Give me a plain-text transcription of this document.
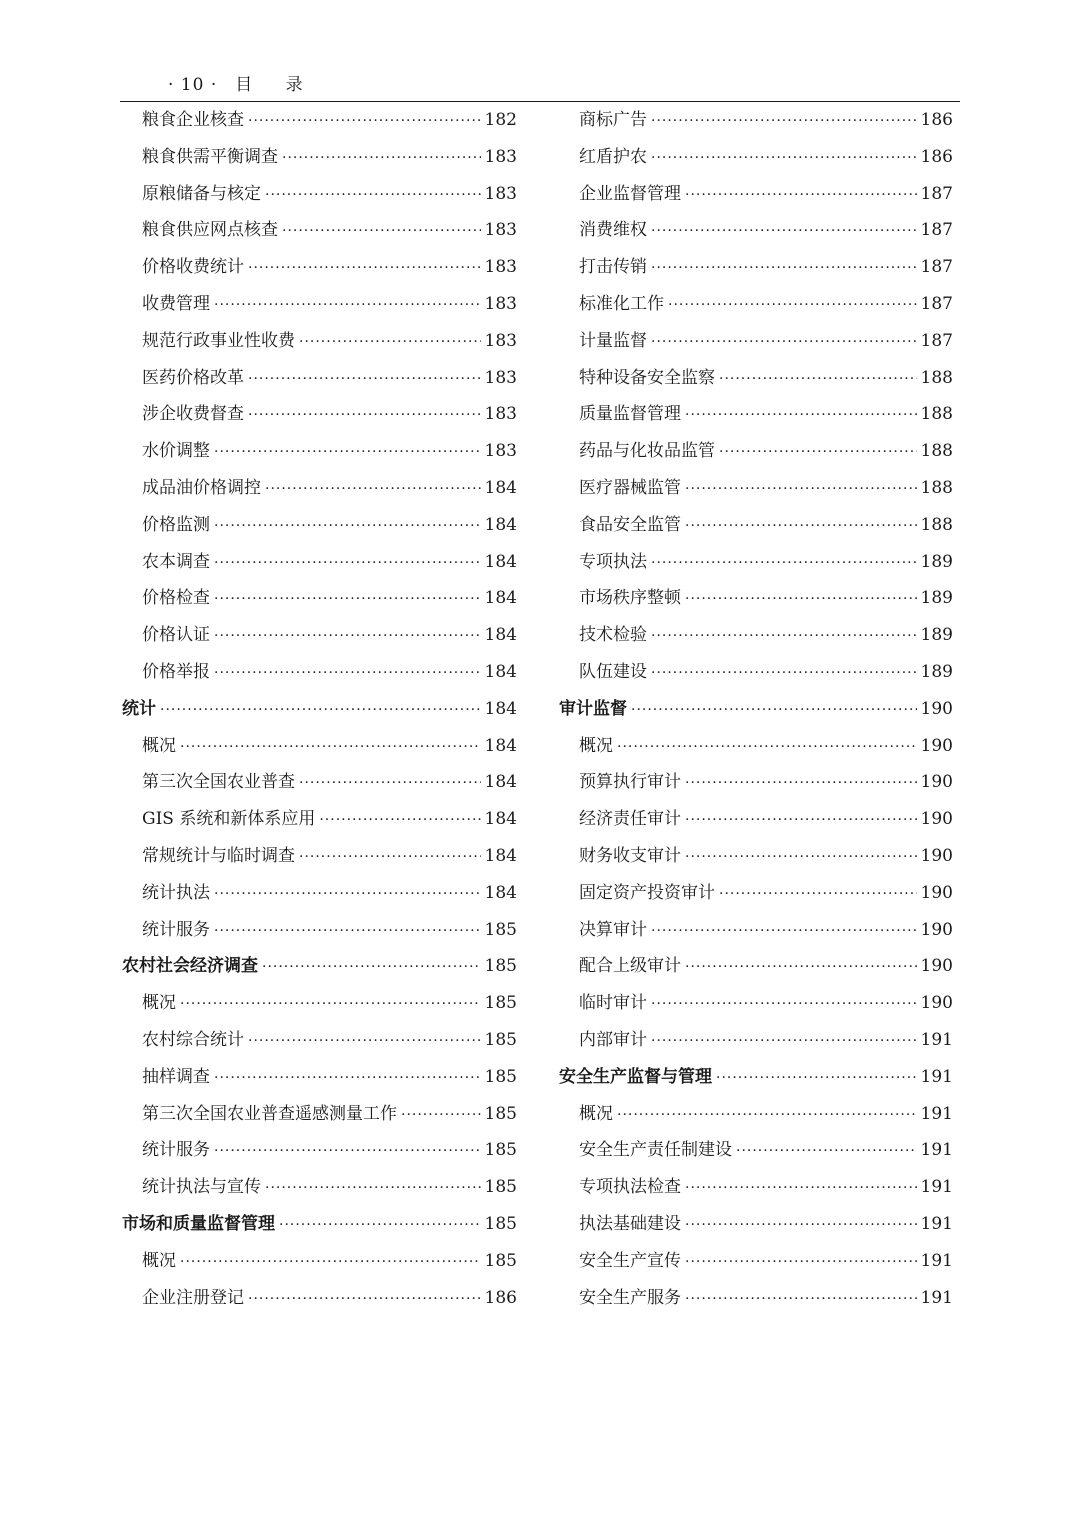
· 10 · 目 录
粮食企业核查 ·····	182
粮食供需平衡调查 ·····	183
原粮储备与核定 ·····	183
粮食供应网点核查 ·····	183
价格收费统计 ·····	183
收费管理 ·····	183
规范行政事业性收费 ·····	183
医药价格改革 ·····	183
涉企收费督查 ·····	183
水价调整 ·····	183
成品油价格调控 ·····	184
价格监测 ·····	184
农本调查 ·····	184
价格检查 ·····	184
价格认证 ·····	184
价格举报 ·····	184
统计 ·····	184
概况 ·····	184
第三次全国农业普查 ·····	184
GIS 系统和新体系应用 ·····	184
常规统计与临时调查 ·····	184
统计执法 ·····	184
统计服务 ·····	185
农村社会经济调查 ·····	185
概况 ·····	185
农村综合统计 ·····	185
抽样调查 ·····	185
第三次全国农业普查遥感测量工作 ·····	185
统计服务 ·····	185
统计执法与宣传 ·····	185
市场和质量监督管理 ·····	185
概况 ·····	185
企业注册登记 ·····	186
商标广告 ·····	186
红盾护农 ·····	186
企业监督管理 ·····	187
消费维权 ·····	187
打击传销 ·····	187
标准化工作 ·····	187
计量监督 ·····	187
特种设备安全监察 ·····	188
质量监督管理 ·····	188
药品与化妆品监管 ·····	188
医疗器械监管 ·····	188
食品安全监管 ·····	188
专项执法 ·····	189
市场秩序整顿 ·····	189
技术检验 ·····	189
队伍建设 ·····	189
审计监督 ·····	190
概况 ·····	190
预算执行审计 ·····	190
经济责任审计 ·····	190
财务收支审计 ·····	190
固定资产投资审计 ·····	190
决算审计 ·····	190
配合上级审计 ·····	190
临时审计 ·····	190
内部审计 ·····	191
安全生产监督与管理 ·····	191
概况 ·····	191
安全生产责任制建设 ·····	191
专项执法检查 ·····	191
执法基础建设 ·····	191
安全生产宣传 ·····	191
安全生产服务 ·····	191
